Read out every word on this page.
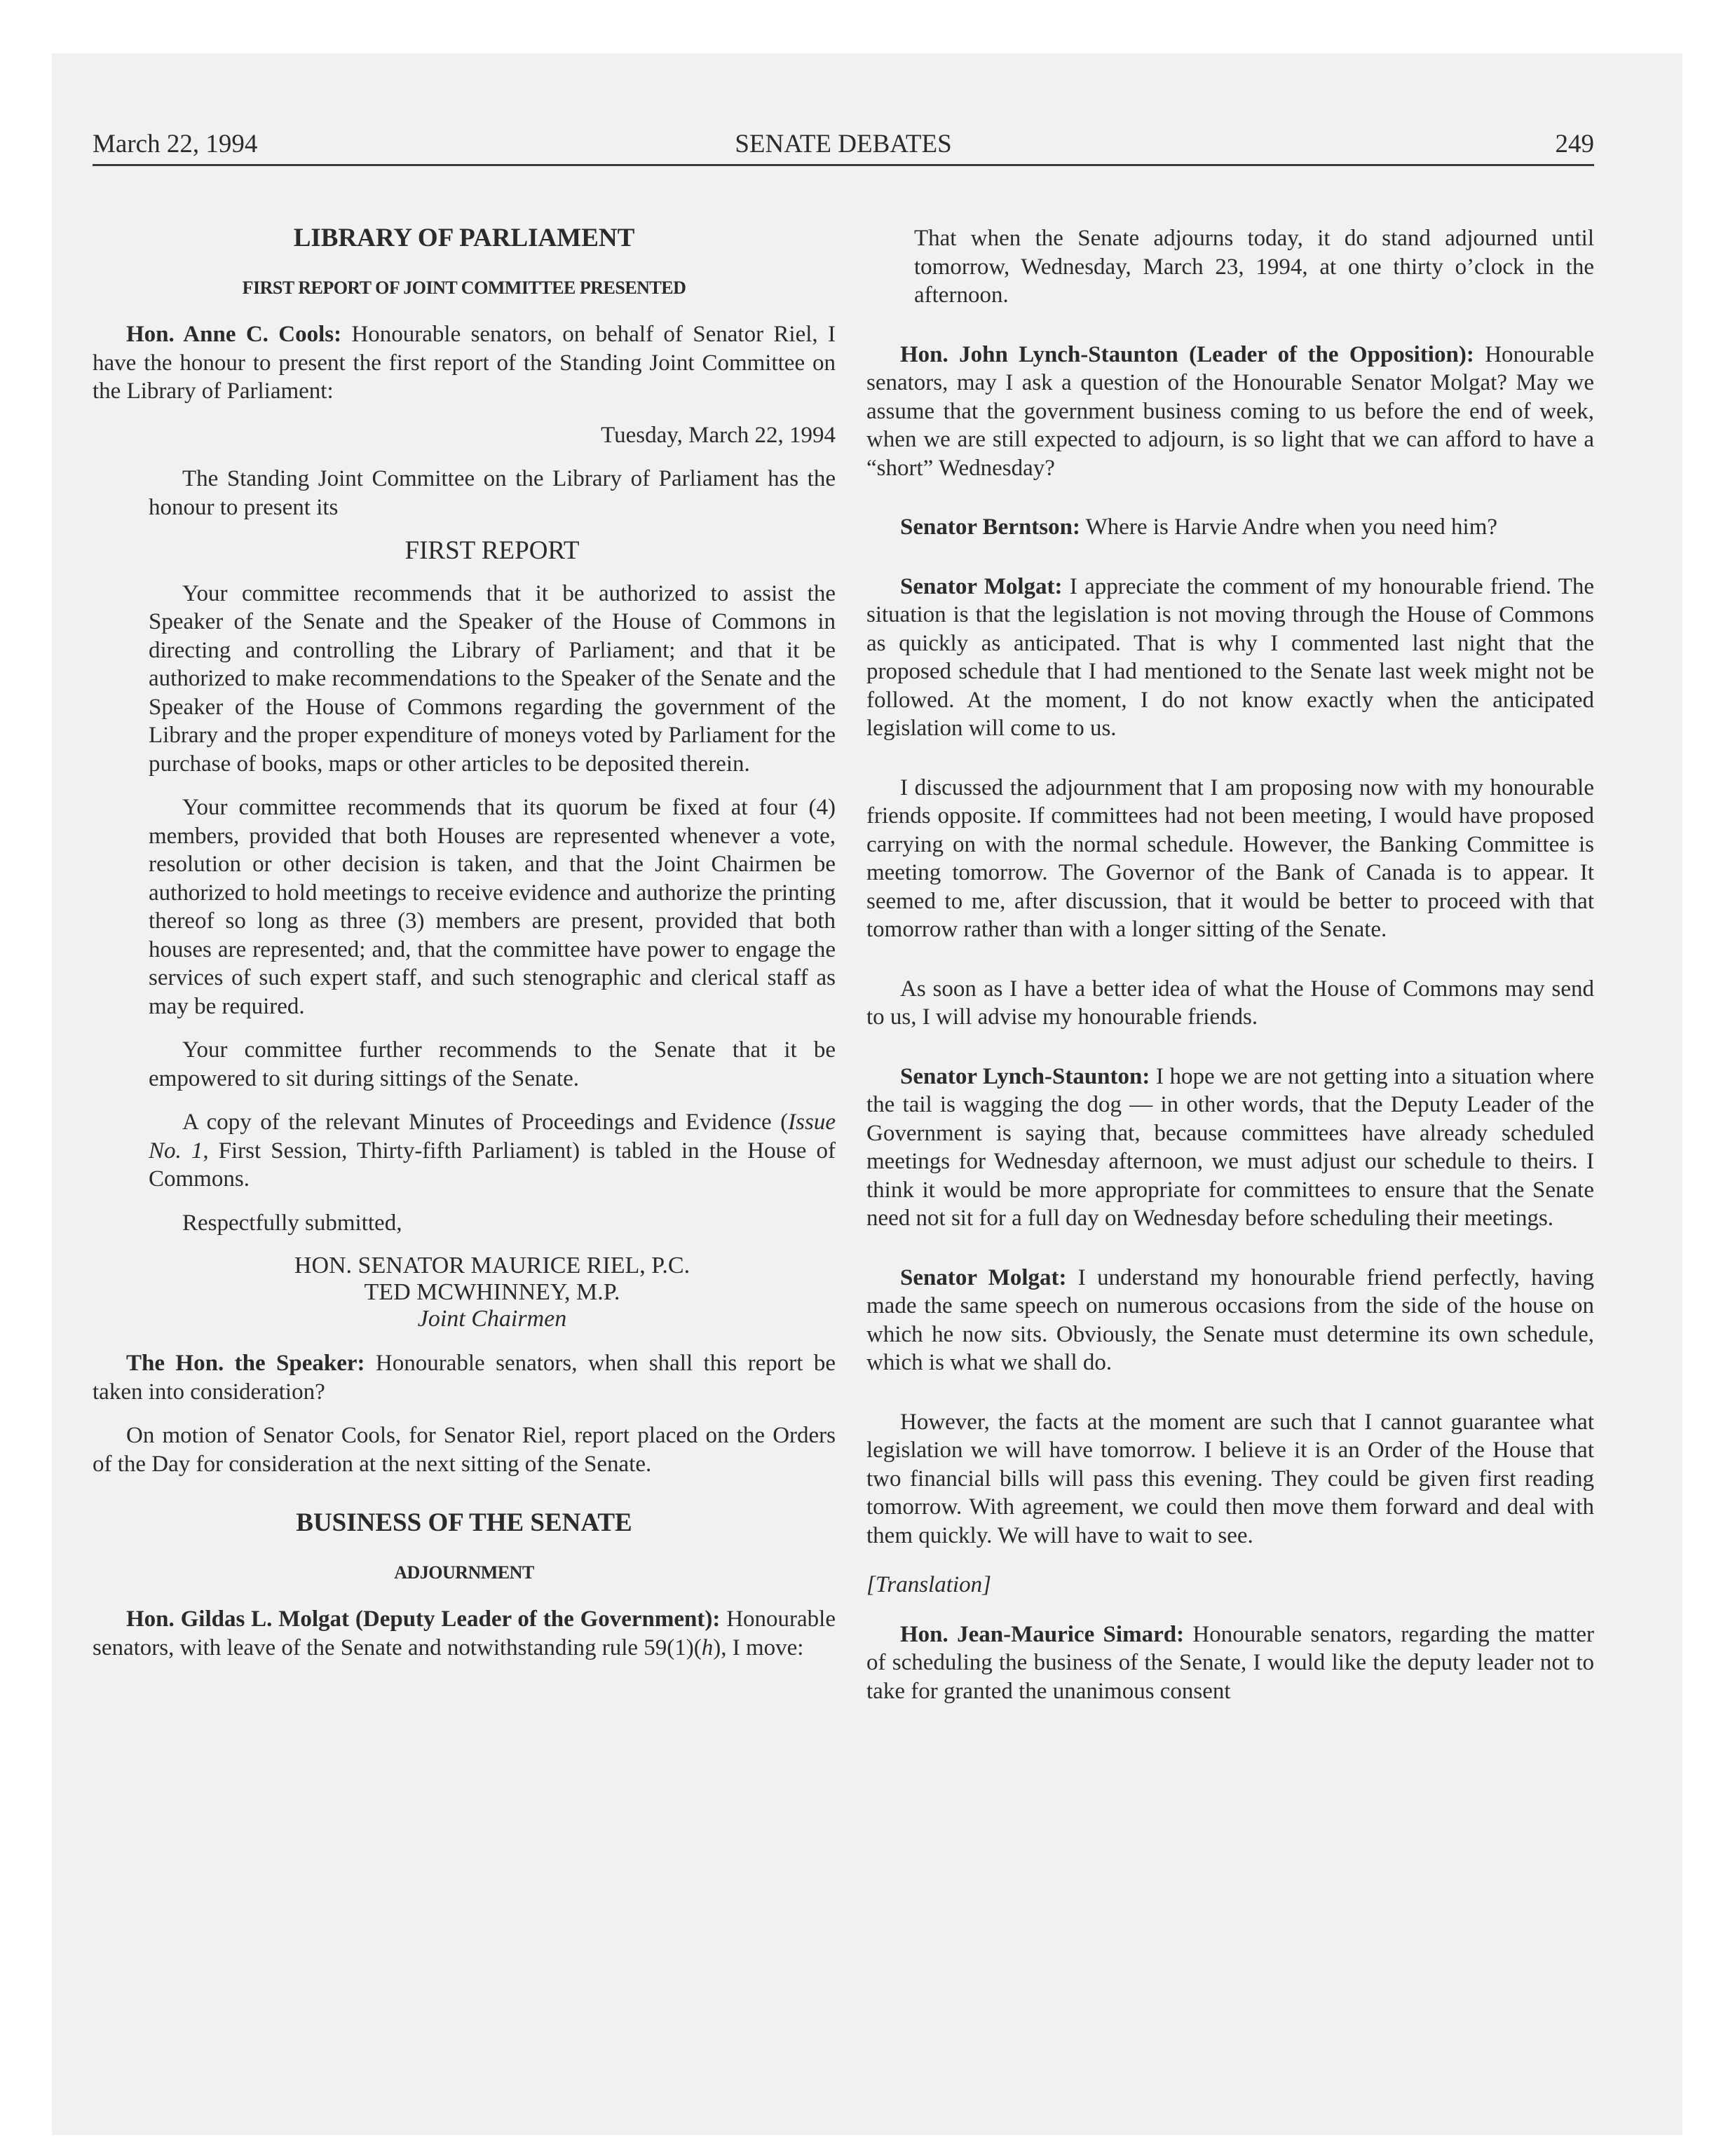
March 22, 1994	SENATE DEBATES	249
LIBRARY OF PARLIAMENT
FIRST REPORT OF JOINT COMMITTEE PRESENTED

Hon. Anne C. Cools: Honourable senators, on behalf of Senator Riel, I have the honour to present the first report of the Standing Joint Committee on the Library of Parliament:

Tuesday, March 22, 1994

The Standing Joint Committee on the Library of Parliament has the honour to present its

FIRST REPORT

Your committee recommends that it be authorized to assist the Speaker of the Senate and the Speaker of the House of Commons in directing and controlling the Library of Parliament; and that it be authorized to make recommendations to the Speaker of the Senate and the Speaker of the House of Commons regarding the government of the Library and the proper expenditure of moneys voted by Parliament for the purchase of books, maps or other articles to be deposited therein.

Your committee recommends that its quorum be fixed at four (4) members, provided that both Houses are represented whenever a vote, resolution or other decision is taken, and that the Joint Chairmen be authorized to hold meetings to receive evidence and authorize the printing thereof so long as three (3) members are present, provided that both houses are represented; and, that the committee have power to engage the services of such expert staff, and such stenographic and clerical staff as may be required.

Your committee further recommends to the Senate that it be empowered to sit during sittings of the Senate.

A copy of the relevant Minutes of Proceedings and Evidence (Issue No. 1, First Session, Thirty-fifth Parliament) is tabled in the House of Commons.

Respectfully submitted,

HON. SENATOR MAURICE RIEL, P.C.
TED MCWHINNEY, M.P.
Joint Chairmen

The Hon. the Speaker: Honourable senators, when shall this report be taken into consideration?

On motion of Senator Cools, for Senator Riel, report placed on the Orders of the Day for consideration at the next sitting of the Senate.

BUSINESS OF THE SENATE
ADJOURNMENT

Hon. Gildas L. Molgat (Deputy Leader of the Government): Honourable senators, with leave of the Senate and notwithstanding rule 59(1)(h), I move:

That when the Senate adjourns today, it do stand adjourned until tomorrow, Wednesday, March 23, 1994, at one thirty o’clock in the afternoon.

Hon. John Lynch-Staunton (Leader of the Opposition): Honourable senators, may I ask a question of the Honourable Senator Molgat? May we assume that the government business coming to us before the end of week, when we are still expected to adjourn, is so light that we can afford to have a “short” Wednesday?

Senator Berntson: Where is Harvie Andre when you need him?

Senator Molgat: I appreciate the comment of my honourable friend. The situation is that the legislation is not moving through the House of Commons as quickly as anticipated. That is why I commented last night that the proposed schedule that I had mentioned to the Senate last week might not be followed. At the moment, I do not know exactly when the anticipated legislation will come to us.

I discussed the adjournment that I am proposing now with my honourable friends opposite. If committees had not been meeting, I would have proposed carrying on with the normal schedule. However, the Banking Committee is meeting tomorrow. The Governor of the Bank of Canada is to appear. It seemed to me, after discussion, that it would be better to proceed with that tomorrow rather than with a longer sitting of the Senate.

As soon as I have a better idea of what the House of Commons may send to us, I will advise my honourable friends.

Senator Lynch-Staunton: I hope we are not getting into a situation where the tail is wagging the dog — in other words, that the Deputy Leader of the Government is saying that, because committees have already scheduled meetings for Wednesday afternoon, we must adjust our schedule to theirs. I think it would be more appropriate for committees to ensure that the Senate need not sit for a full day on Wednesday before scheduling their meetings.

Senator Molgat: I understand my honourable friend perfectly, having made the same speech on numerous occasions from the side of the house on which he now sits. Obviously, the Senate must determine its own schedule, which is what we shall do.

However, the facts at the moment are such that I cannot guarantee what legislation we will have tomorrow. I believe it is an Order of the House that two financial bills will pass this evening. They could be given first reading tomorrow. With agreement, we could then move them forward and deal with them quickly. We will have to wait to see.

[Translation]

Hon. Jean-Maurice Simard: Honourable senators, regarding the matter of scheduling the business of the Senate, I would like the deputy leader not to take for granted the unanimous consent
